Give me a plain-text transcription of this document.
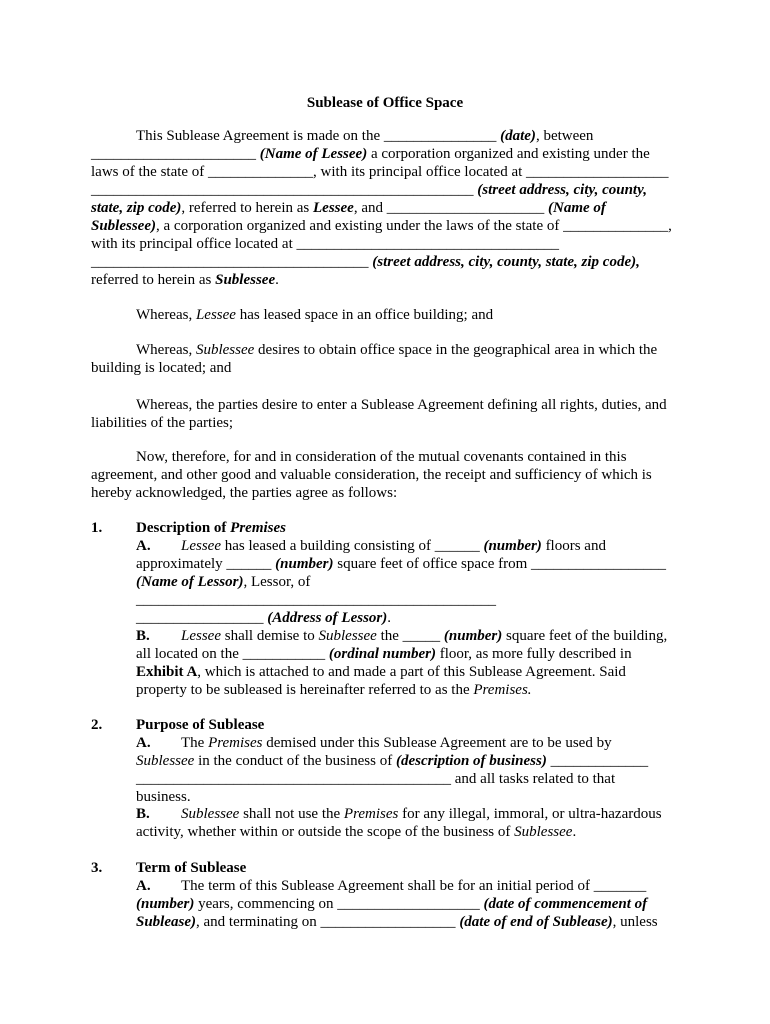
Sublease of Office Space
This Sublease Agreement is made on the _______________ (date), between
______________________ (Name of Lessee) a corporation organized and existing under the
laws of the state of ______________, with its principal office located at ___________________
___________________________________________________ (street address, city, county,
state, zip code), referred to herein as Lessee, and _____________________ (Name of
Sublessee), a corporation organized and existing under the laws of the state of ______________,
with its principal office located at ___________________________________
_____________________________________ (street address, city, county, state, zip code),
referred to herein as Sublessee.
Whereas, Lessee has leased space in an office building; and
Whereas, Sublessee desires to obtain office space in the geographical area in which the
building is located; and
Whereas, the parties desire to enter a Sublease Agreement defining all rights, duties, and
liabilities of the parties;
Now, therefore, for and in consideration of the mutual covenants contained in this
agreement, and other good and valuable consideration, the receipt and sufficiency of which is
hereby acknowledged, the parties agree as follows:
1. Description of Premises
A. Lessee has leased a building consisting of ______ (number) floors and
approximately ______ (number) square feet of office space from __________________
(Name of Lessor), Lessor, of ________________________________________________
_________________ (Address of Lessor).
B. Lessee shall demise to Sublessee the _____ (number) square feet of the building,
all located on the ___________ (ordinal number) floor, as more fully described in
Exhibit A, which is attached to and made a part of this Sublease Agreement. Said
property to be subleased is hereinafter referred to as the Premises.
2. Purpose of Sublease
A. The Premises demised under this Sublease Agreement are to be used by
Sublessee in the conduct of the business of (description of business) _____________
__________________________________________ and all tasks related to that business.
B. Sublessee shall not use the Premises for any illegal, immoral, or ultra-hazardous
activity, whether within or outside the scope of the business of Sublessee.
3. Term of Sublease
A. The term of this Sublease Agreement shall be for an initial period of _______
(number) years, commencing on ___________________ (date of commencement of
Sublease), and terminating on __________________ (date of end of Sublease), unless
